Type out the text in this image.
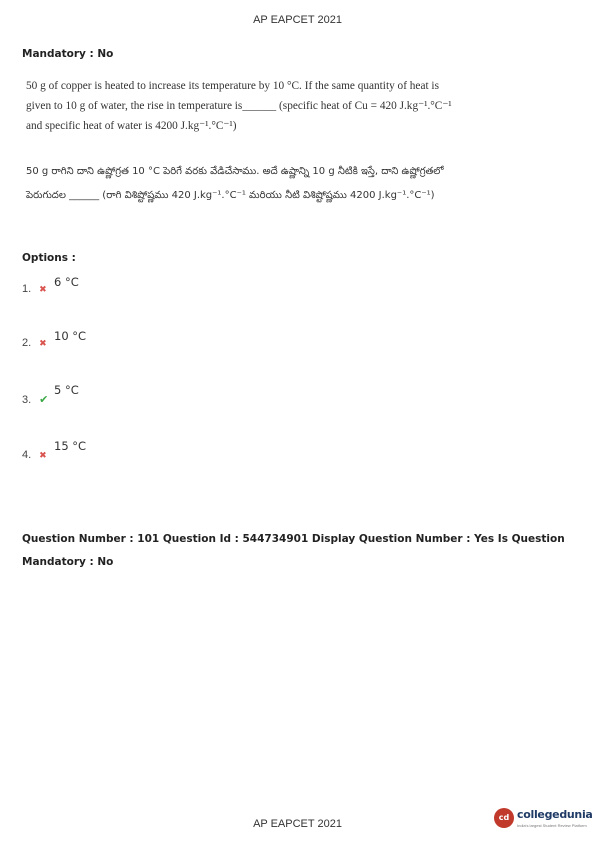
AP EAPCET 2021
Mandatory : No
50 g of copper is heated to increase its temperature by 10 °C. If the same quantity of heat is given to 10 g of water, the rise in temperature is______ (specific heat of Cu = 420 J.kg⁻¹.°C⁻¹ and specific heat of water is 4200 J.kg⁻¹.°C⁻¹)
50 g రాగిని దాని ఉష్ణోగ్రత 10 °C పెరిగే వరకు వేడిచేసాము. అదే ఉష్ణాన్ని 10 g నీటికి ఇస్తే, దాని ఉష్ణోగ్రతలో పెరుగుదల ______ (రాగి విశిష్టోష్ణము 420 J.kg⁻¹.°C⁻¹ మరియు నీటి విశిష్టోష్ణము 4200 J.kg⁻¹.°C⁻¹)
Options :
1. ✖ 6 °C
2. ✖ 10 °C
3. ✔
5 °C
4. ✖
15 °C
Question Number : 101 Question Id : 544734901 Display Question Number : Yes Is Question Mandatory : No
AP EAPCET 2021
cd collegedunia
India's largest Student Review Platform
